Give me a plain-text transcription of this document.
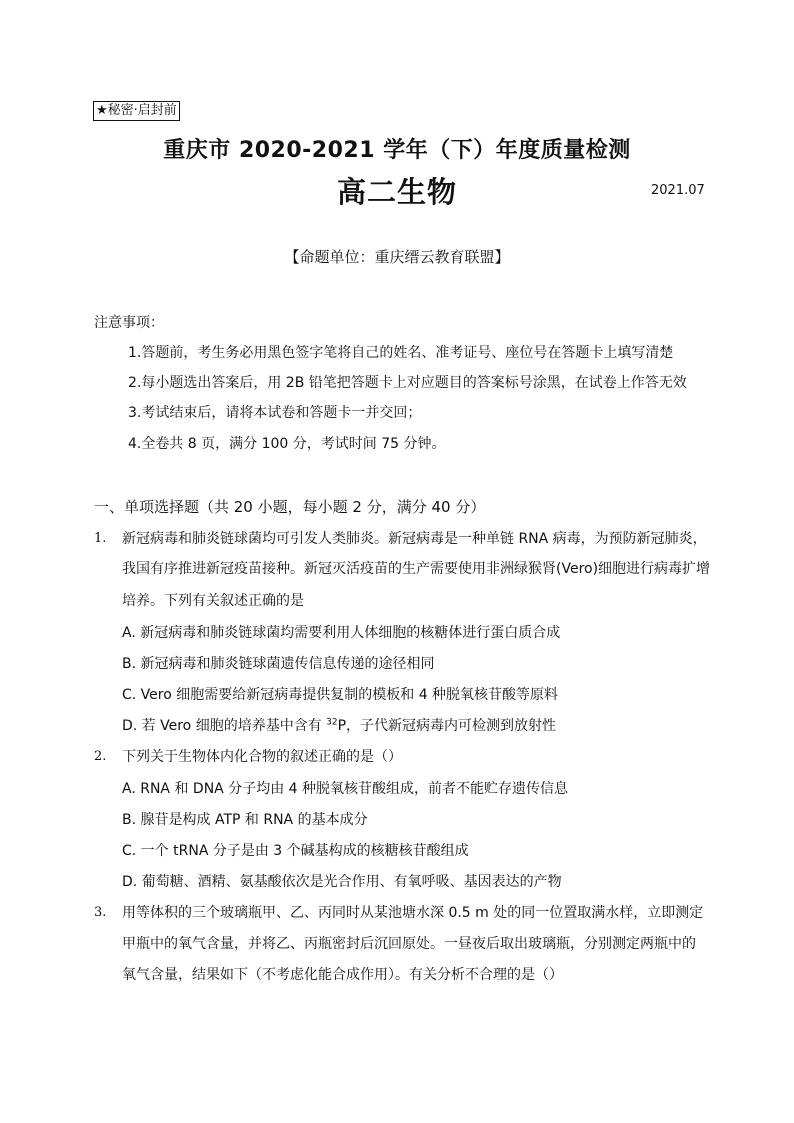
★秘密·启封前
重庆市 2020-2021 学年（下）年度质量检测
高二生物	2021.07
【命题单位：重庆缙云教育联盟】
注意事项：
1.答题前，考生务必用黑色签字笔将自己的姓名、准考证号、座位号在答题卡上填写清楚
2.每小题选出答案后，用 2B 铅笔把答题卡上对应题目的答案标号涂黑，在试卷上作答无效
3.考试结束后，请将本试卷和答题卡一并交回；
4.全卷共 8 页，满分 100 分，考试时间 75 分钟。
一、单项选择题（共 20 小题，每小题 2 分，满分 40 分）
1. 新冠病毒和肺炎链球菌均可引发人类肺炎。新冠病毒是一种单链 RNA 病毒，为预防新冠肺炎，
我国有序推进新冠疫苗接种。新冠灭活疫苗的生产需要使用非洲绿猴肾(Vero)细胞进行病毒扩增
培养。下列有关叙述正确的是
A. 新冠病毒和肺炎链球菌均需要利用人体细胞的核糖体进行蛋白质合成
B. 新冠病毒和肺炎链球菌遗传信息传递的途径相同
C. Vero 细胞需要给新冠病毒提供复制的模板和 4 种脱氧核苷酸等原料
D. 若 Vero 细胞的培养基中含有 $^{32}$P，子代新冠病毒内可检测到放射性
2. 下列关于生物体内化合物的叙述正确的是（）
A. RNA 和 DNA 分子均由 4 种脱氧核苷酸组成，前者不能贮存遗传信息
B. 腺苷是构成 ATP 和 RNA 的基本成分
C. 一个 tRNA 分子是由 3 个碱基构成的核糖核苷酸组成
D. 葡萄糖、酒精、氨基酸依次是光合作用、有氧呼吸、基因表达的产物
3. 用等体积的三个玻璃瓶甲、乙、丙同时从某池塘水深 0.5 m 处的同一位置取满水样，立即测定
甲瓶中的氧气含量，并将乙、丙瓶密封后沉回原处。一昼夜后取出玻璃瓶，分别测定两瓶中的
氧气含量，结果如下（不考虑化能合成作用）。有关分析不合理的是（）
